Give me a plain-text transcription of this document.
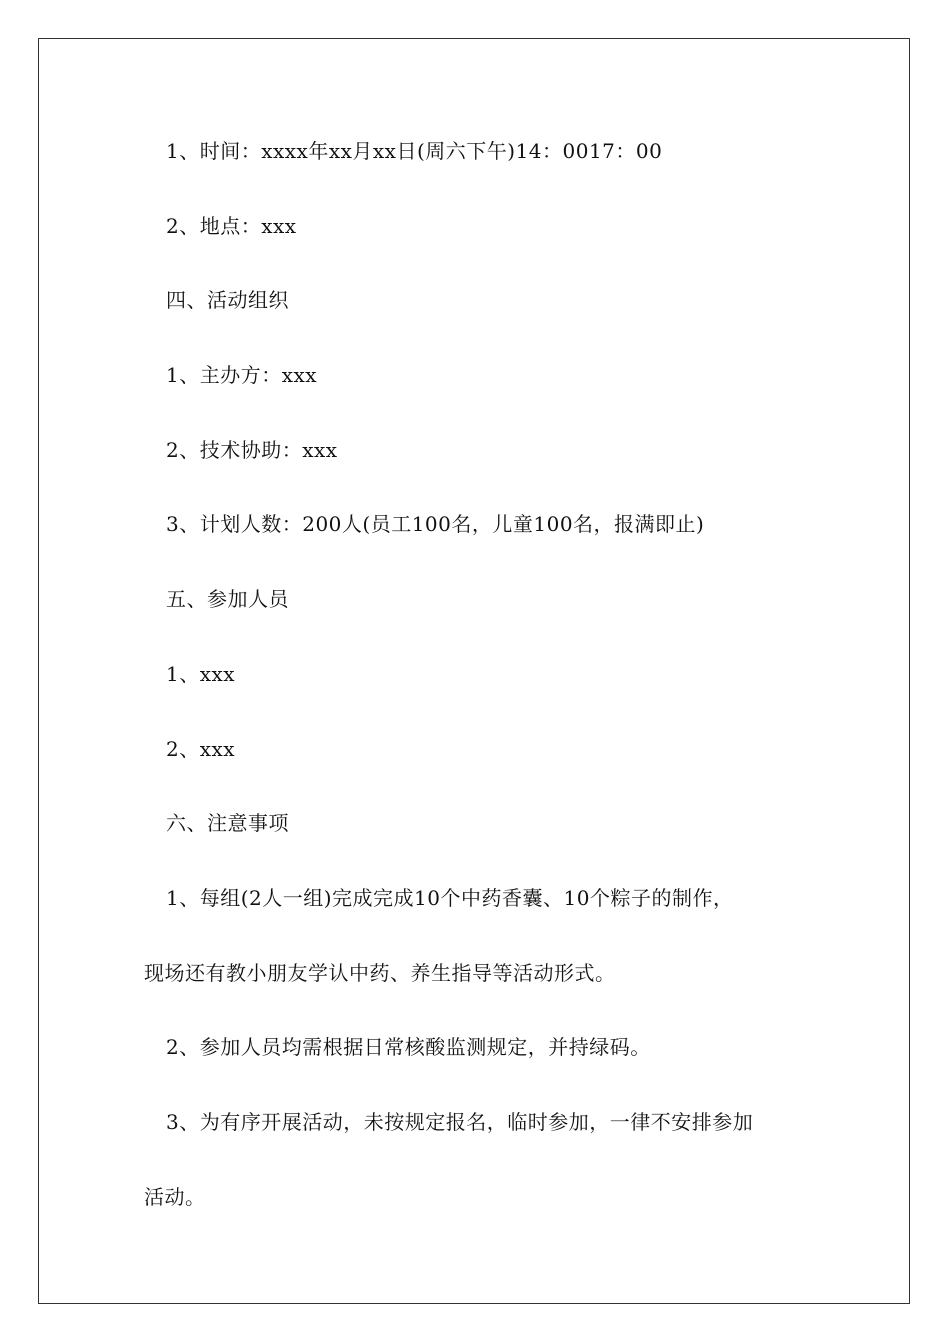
1、时间：xxxx年xx月xx日(周六下午)14：0017：00

2、地点：xxx

四、活动组织

1、主办方：xxx

2、技术协助：xxx

3、计划人数：200人(员工100名，儿童100名，报满即止)

五、参加人员

1、xxx

2、xxx

六、注意事项

1、每组(2人一组)完成完成10个中药香囊、10个粽子的制作，

现场还有教小朋友学认中药、养生指导等活动形式。

2、参加人员均需根据日常核酸监测规定，并持绿码。

3、为有序开展活动，未按规定报名，临时参加，一律不安排参加

活动。
